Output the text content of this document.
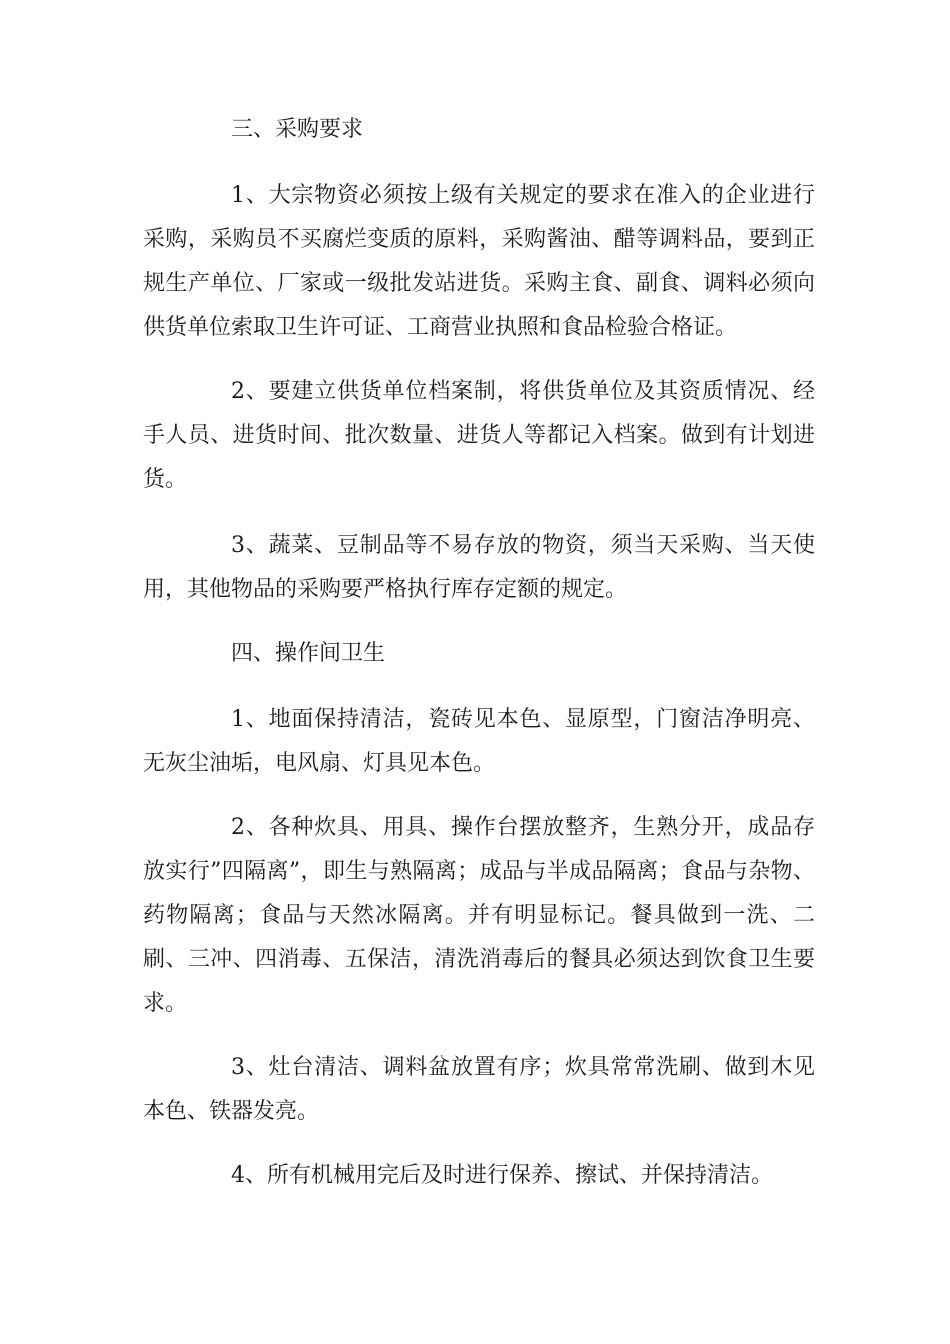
三、采购要求

1、大宗物资必须按上级有关规定的要求在准入的企业进行采购，采购员不买腐烂变质的原料，采购酱油、醋等调料品，要到正规生产单位、厂家或一级批发站进货。采购主食、副食、调料必须向供货单位索取卫生许可证、工商营业执照和食品检验合格证。

2、要建立供货单位档案制，将供货单位及其资质情况、经手人员、进货时间、批次数量、进货人等都记入档案。做到有计划进货。

3、蔬菜、豆制品等不易存放的物资，须当天采购、当天使用，其他物品的采购要严格执行库存定额的规定。

四、操作间卫生

1、地面保持清洁，瓷砖见本色、显原型，门窗洁净明亮、无灰尘油垢，电风扇、灯具见本色。

2、各种炊具、用具、操作台摆放整齐，生熟分开，成品存放实行”四隔离”，即生与熟隔离；成品与半成品隔离；食品与杂物、药物隔离；食品与天然冰隔离。并有明显标记。餐具做到一洗、二刷、三冲、四消毒、五保洁，清洗消毒后的餐具必须达到饮食卫生要求。

3、灶台清洁、调料盆放置有序；炊具常常洗刷、做到木见本色、铁器发亮。

4、所有机械用完后及时进行保养、擦试、并保持清洁。
